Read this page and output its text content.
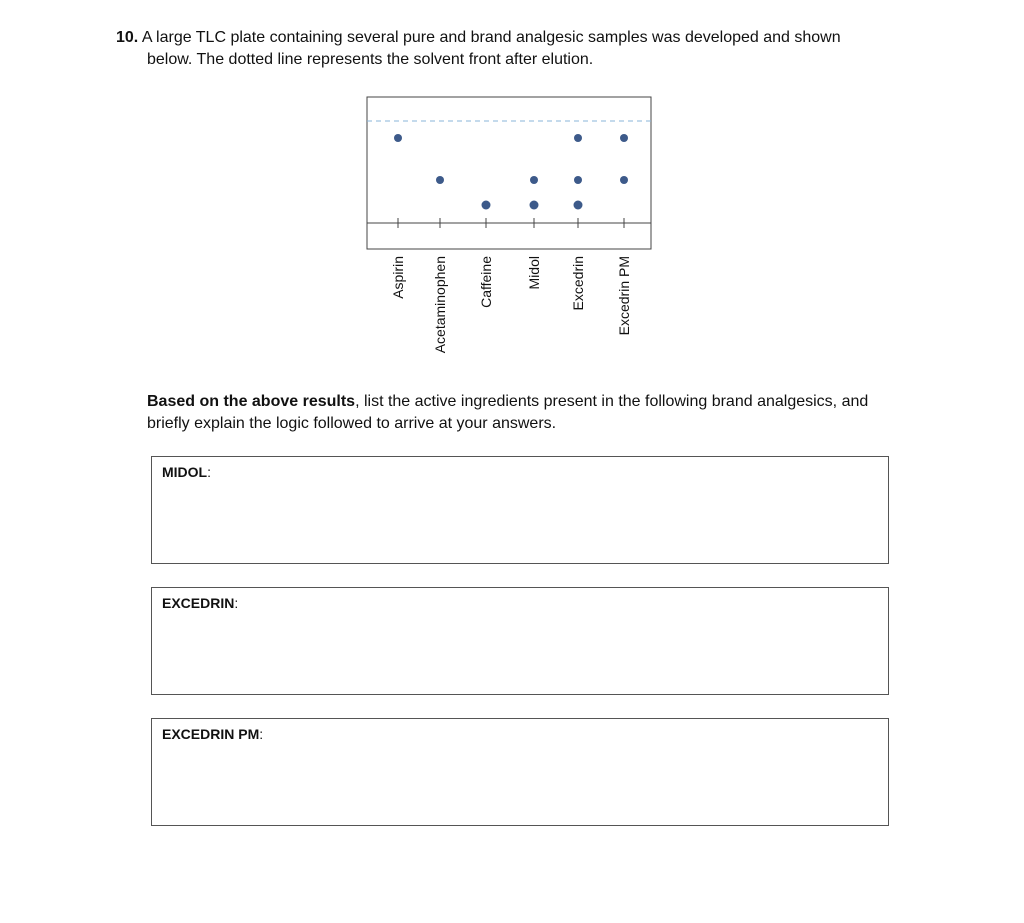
10. A large TLC plate containing several pure and brand analgesic samples was developed and shown
below. The dotted line represents the solvent front after elution.
Aspirin Acetaminophen Caffeine Midol Excedrin Excedrin PM
Based on the above results, list the active ingredients present in the following brand analgesics, and
briefly explain the logic followed to arrive at your answers.
MIDOL:
EXCEDRIN:
EXCEDRIN PM:
